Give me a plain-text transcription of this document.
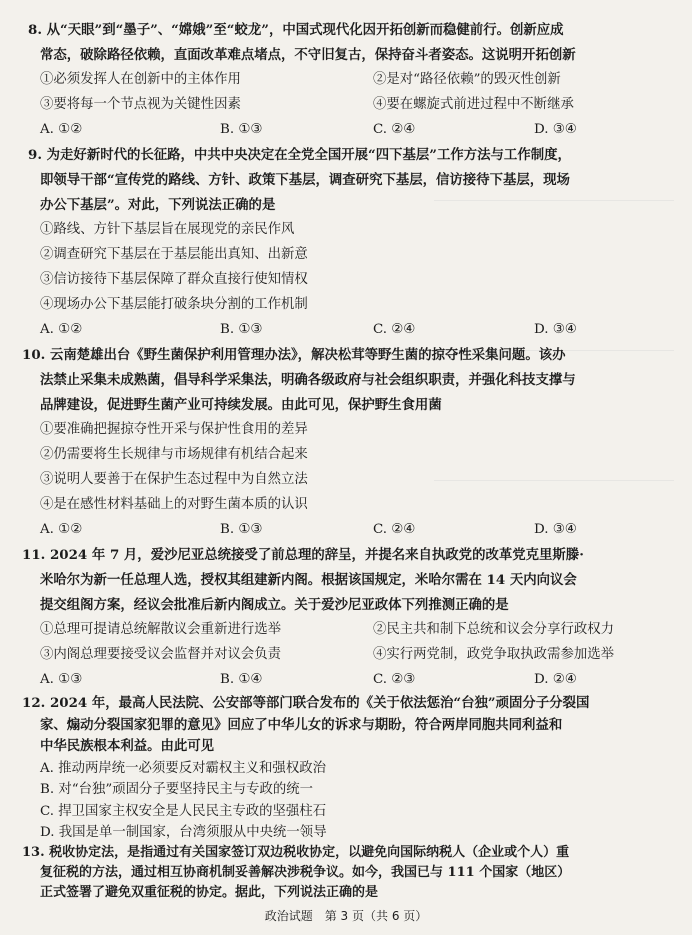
8. 从“天眼”到“墨子”、“嫦娥”至“蛟龙”，中国式现代化因开拓创新而稳健前行。创新应成
常态，破除路径依赖，直面改革难点堵点，不守旧复古，保持奋斗者姿态。这说明开拓创新
①必须发挥人在创新中的主体作用	②是对“路径依赖”的毁灭性创新
③要将每一个节点视为关键性因素	④要在螺旋式前进过程中不断继承
A. ①②	B. ①③	C. ②④	D. ③④
9. 为走好新时代的长征路，中共中央决定在全党全国开展“四下基层”工作方法与工作制度，
即领导干部“宣传党的路线、方针、政策下基层，调查研究下基层，信访接待下基层，现场
办公下基层”。对此，下列说法正确的是
①路线、方针下基层旨在展现党的亲民作风
②调查研究下基层在于基层能出真知、出新意
③信访接待下基层保障了群众直接行使知情权
④现场办公下基层能打破条块分割的工作机制
A. ①②	B. ①③	C. ②④	D. ③④
10. 云南楚雄出台《野生菌保护利用管理办法》，解决松茸等野生菌的掠夺性采集问题。该办
法禁止采集未成熟菌，倡导科学采集法，明确各级政府与社会组织职责，并强化科技支撑与
品牌建设，促进野生菌产业可持续发展。由此可见，保护野生食用菌
①要准确把握掠夺性开采与保护性食用的差异
②仍需要将生长规律与市场规律有机结合起来
③说明人要善于在保护生态过程中为自然立法
④是在感性材料基础上的对野生菌本质的认识
A. ①②	B. ①③	C. ②④	D. ③④
11. 2024 年 7 月，爱沙尼亚总统接受了前总理的辞呈，并提名来自执政党的改革党克里斯滕·
米哈尔为新一任总理人选，授权其组建新内阁。根据该国规定，米哈尔需在 14 天内向议会
提交组阁方案，经议会批准后新内阁成立。关于爱沙尼亚政体下列推测正确的是
①总理可提请总统解散议会重新进行选举	②民主共和制下总统和议会分享行政权力
③内阁总理要接受议会监督并对议会负责	④实行两党制，政党争取执政需参加选举
A. ①③	B. ①④	C. ②③	D. ②④
12. 2024 年，最高人民法院、公安部等部门联合发布的《关于依法惩治“台独”顽固分子分裂国
家、煽动分裂国家犯罪的意见》回应了中华儿女的诉求与期盼，符合两岸同胞共同利益和
中华民族根本利益。由此可见
A. 推动两岸统一必须要反对霸权主义和强权政治
B. 对“台独”顽固分子要坚持民主与专政的统一
C. 捍卫国家主权安全是人民民主专政的坚强柱石
D. 我国是单一制国家，台湾须服从中央统一领导
13. 税收协定法，是指通过有关国家签订双边税收协定，以避免向国际纳税人（企业或个人）重
复征税的方法，通过相互协商机制妥善解决涉税争议。如今，我国已与 111 个国家（地区）
正式签署了避免双重征税的协定。据此，下列说法正确的是
政治试题　第 3 页（共 6 页）
